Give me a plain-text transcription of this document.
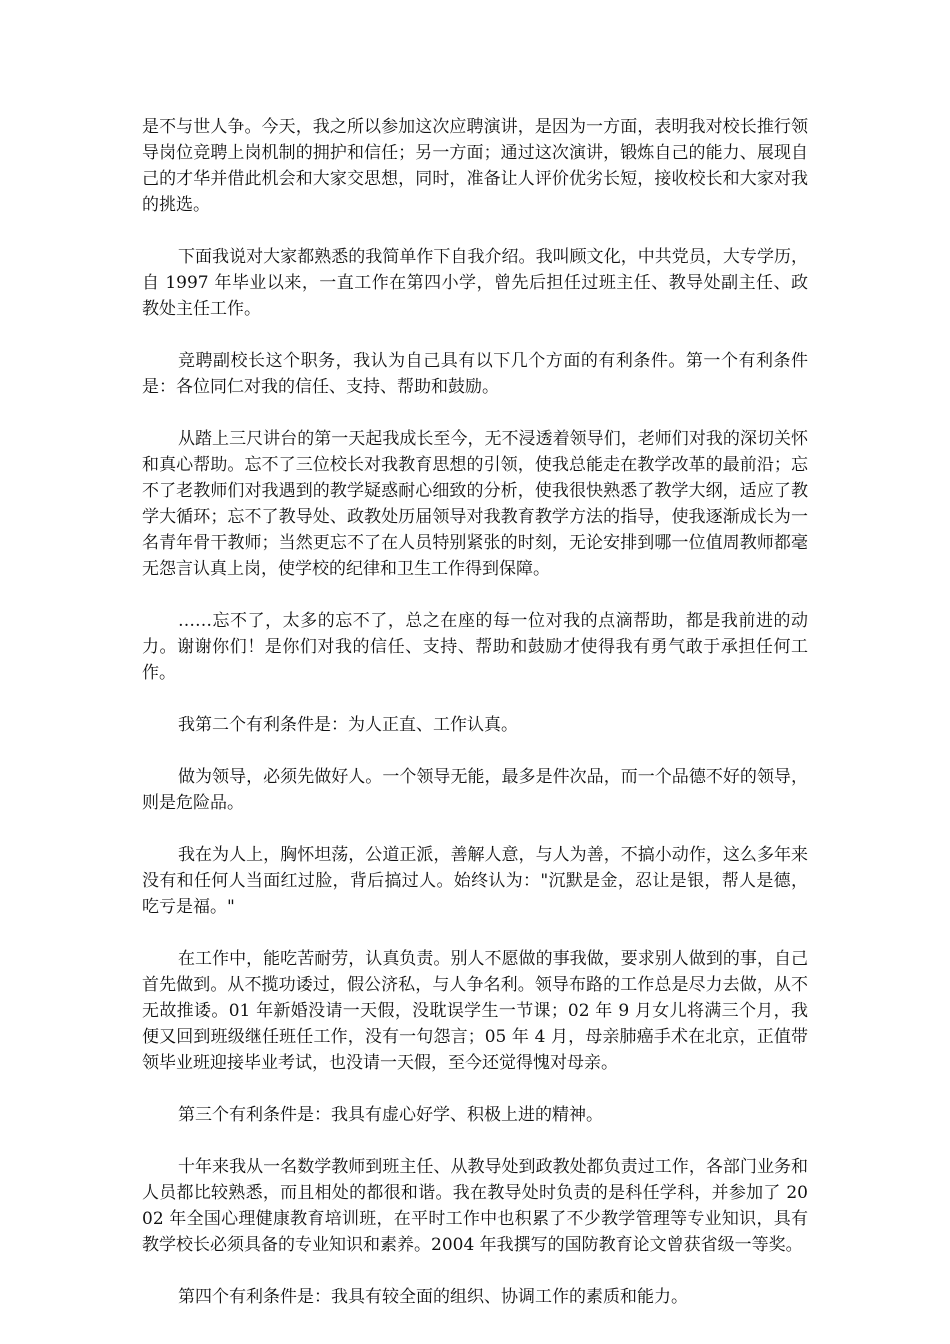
是不与世人争。今天，我之所以参加这次应聘演讲，是因为一方面，表明我对校长推行领导岗位竞聘上岗机制的拥护和信任；另一方面；通过这次演讲，锻炼自己的能力、展现自己的才华并借此机会和大家交思想，同时，准备让人评价优劣长短，接收校长和大家对我的挑选。

下面我说对大家都熟悉的我简单作下自我介绍。我叫顾文化，中共党员，大专学历，自 1997 年毕业以来，一直工作在第四小学，曾先后担任过班主任、教导处副主任、政教处主任工作。

竞聘副校长这个职务，我认为自己具有以下几个方面的有利条件。第一个有利条件是：各位同仁对我的信任、支持、帮助和鼓励。

从踏上三尺讲台的第一天起我成长至今，无不浸透着领导们，老师们对我的深切关怀和真心帮助。忘不了三位校长对我教育思想的引领，使我总能走在教学改革的最前沿；忘不了老教师们对我遇到的教学疑惑耐心细致的分析，使我很快熟悉了教学大纲，适应了教学大循环；忘不了教导处、政教处历届领导对我教育教学方法的指导，使我逐渐成长为一名青年骨干教师；当然更忘不了在人员特别紧张的时刻，无论安排到哪一位值周教师都毫无怨言认真上岗，使学校的纪律和卫生工作得到保障。

……忘不了，太多的忘不了，总之在座的每一位对我的点滴帮助，都是我前进的动力。谢谢你们！是你们对我的信任、支持、帮助和鼓励才使得我有勇气敢于承担任何工作。

我第二个有利条件是：为人正直、工作认真。

做为领导，必须先做好人。一个领导无能，最多是件次品，而一个品德不好的领导，则是危险品。

我在为人上，胸怀坦荡，公道正派，善解人意，与人为善，不搞小动作，这么多年来没有和任何人当面红过脸，背后搞过人。始终认为："沉默是金，忍让是银，帮人是德，吃亏是福。"

在工作中，能吃苦耐劳，认真负责。别人不愿做的事我做，要求别人做到的事，自己首先做到。从不揽功诿过，假公济私，与人争名利。领导布路的工作总是尽力去做，从不无故推诿。01 年新婚没请一天假，没耽误学生一节课；02 年 9 月女儿将满三个月，我便又回到班级继任班任工作，没有一句怨言；05 年 4 月，母亲肺癌手术在北京，正值带领毕业班迎接毕业考试，也没请一天假，至今还觉得愧对母亲。

第三个有利条件是：我具有虚心好学、积极上进的精神。

十年来我从一名数学教师到班主任、从教导处到政教处都负责过工作，各部门业务和人员都比较熟悉，而且相处的都很和谐。我在教导处时负责的是科任学科，并参加了 2002 年全国心理健康教育培训班，在平时工作中也积累了不少教学管理等专业知识，具有教学校长必须具备的专业知识和素养。2004 年我撰写的国防教育论文曾获省级一等奖。

第四个有利条件是：我具有较全面的组织、协调工作的素质和能力。
